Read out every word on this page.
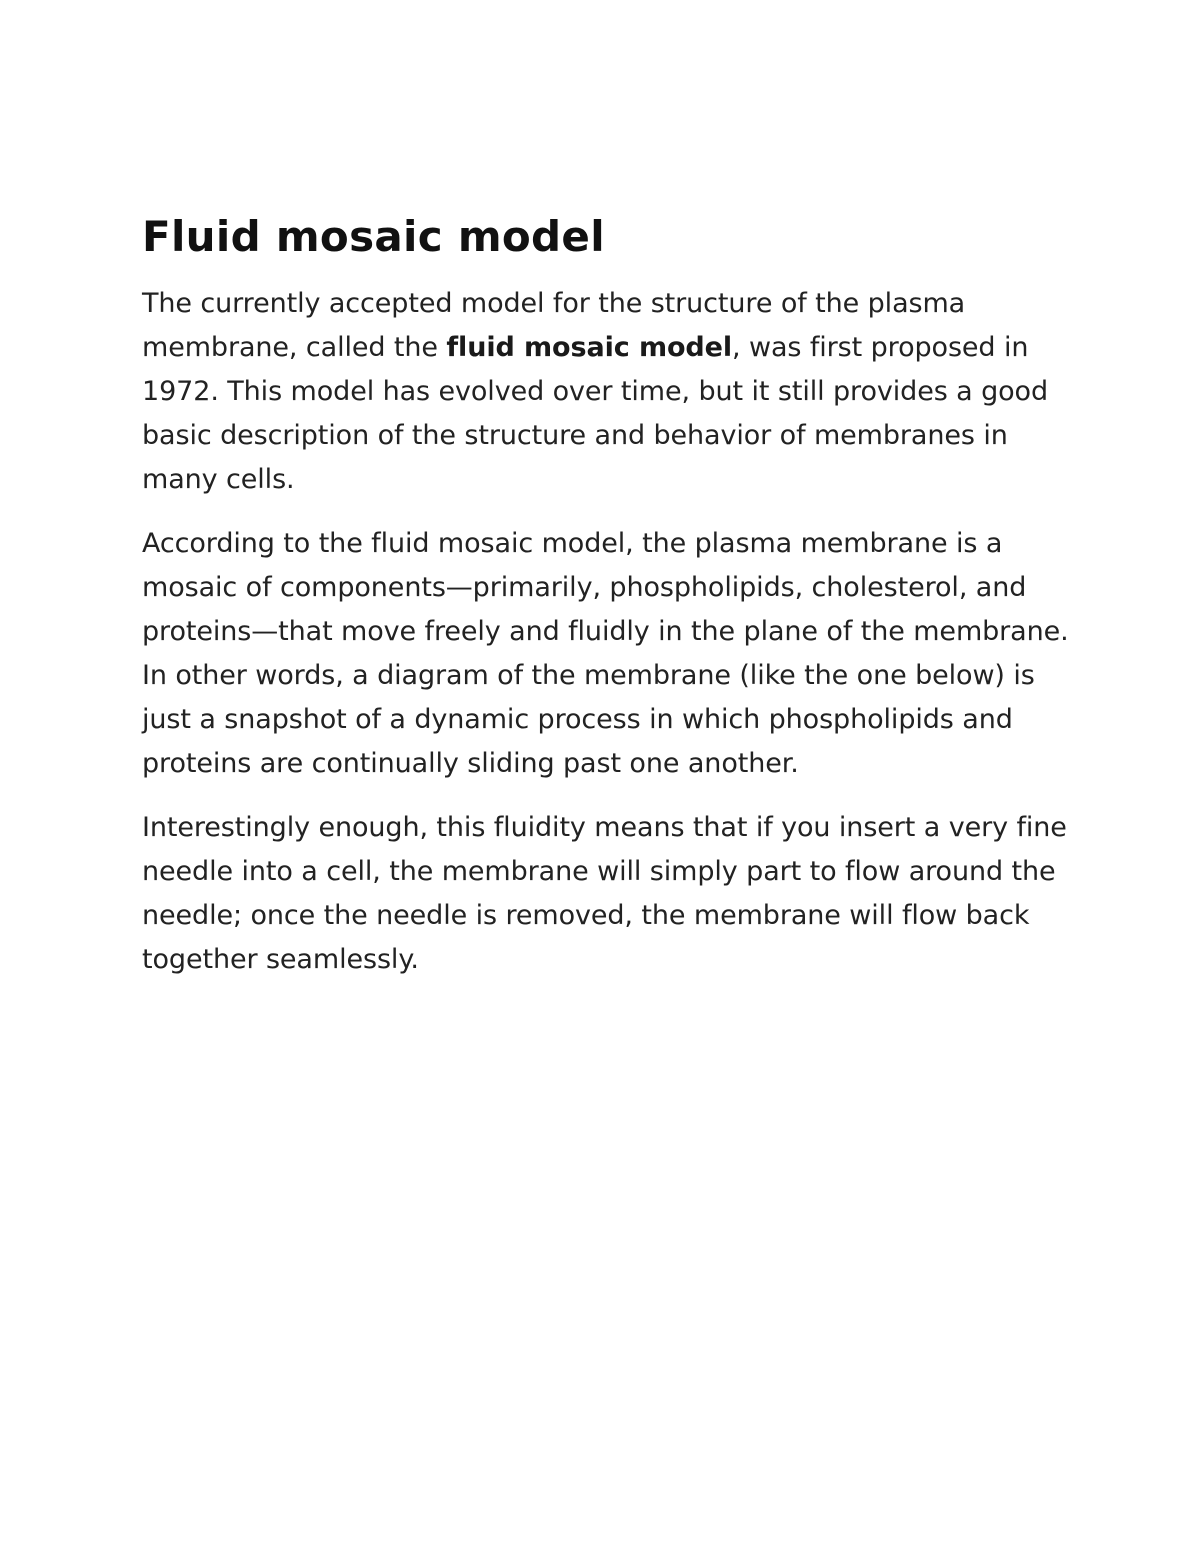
Fluid mosaic model

The currently accepted model for the structure of the plasma membrane, called the fluid mosaic model, was first proposed in 1972. This model has evolved over time, but it still provides a good basic description of the structure and behavior of membranes in many cells.

According to the fluid mosaic model, the plasma membrane is a mosaic of components—primarily, phospholipids, cholesterol, and proteins—that move freely and fluidly in the plane of the membrane. In other words, a diagram of the membrane (like the one below) is just a snapshot of a dynamic process in which phospholipids and proteins are continually sliding past one another.

Interestingly enough, this fluidity means that if you insert a very fine needle into a cell, the membrane will simply part to flow around the needle; once the needle is removed, the membrane will flow back together seamlessly.
